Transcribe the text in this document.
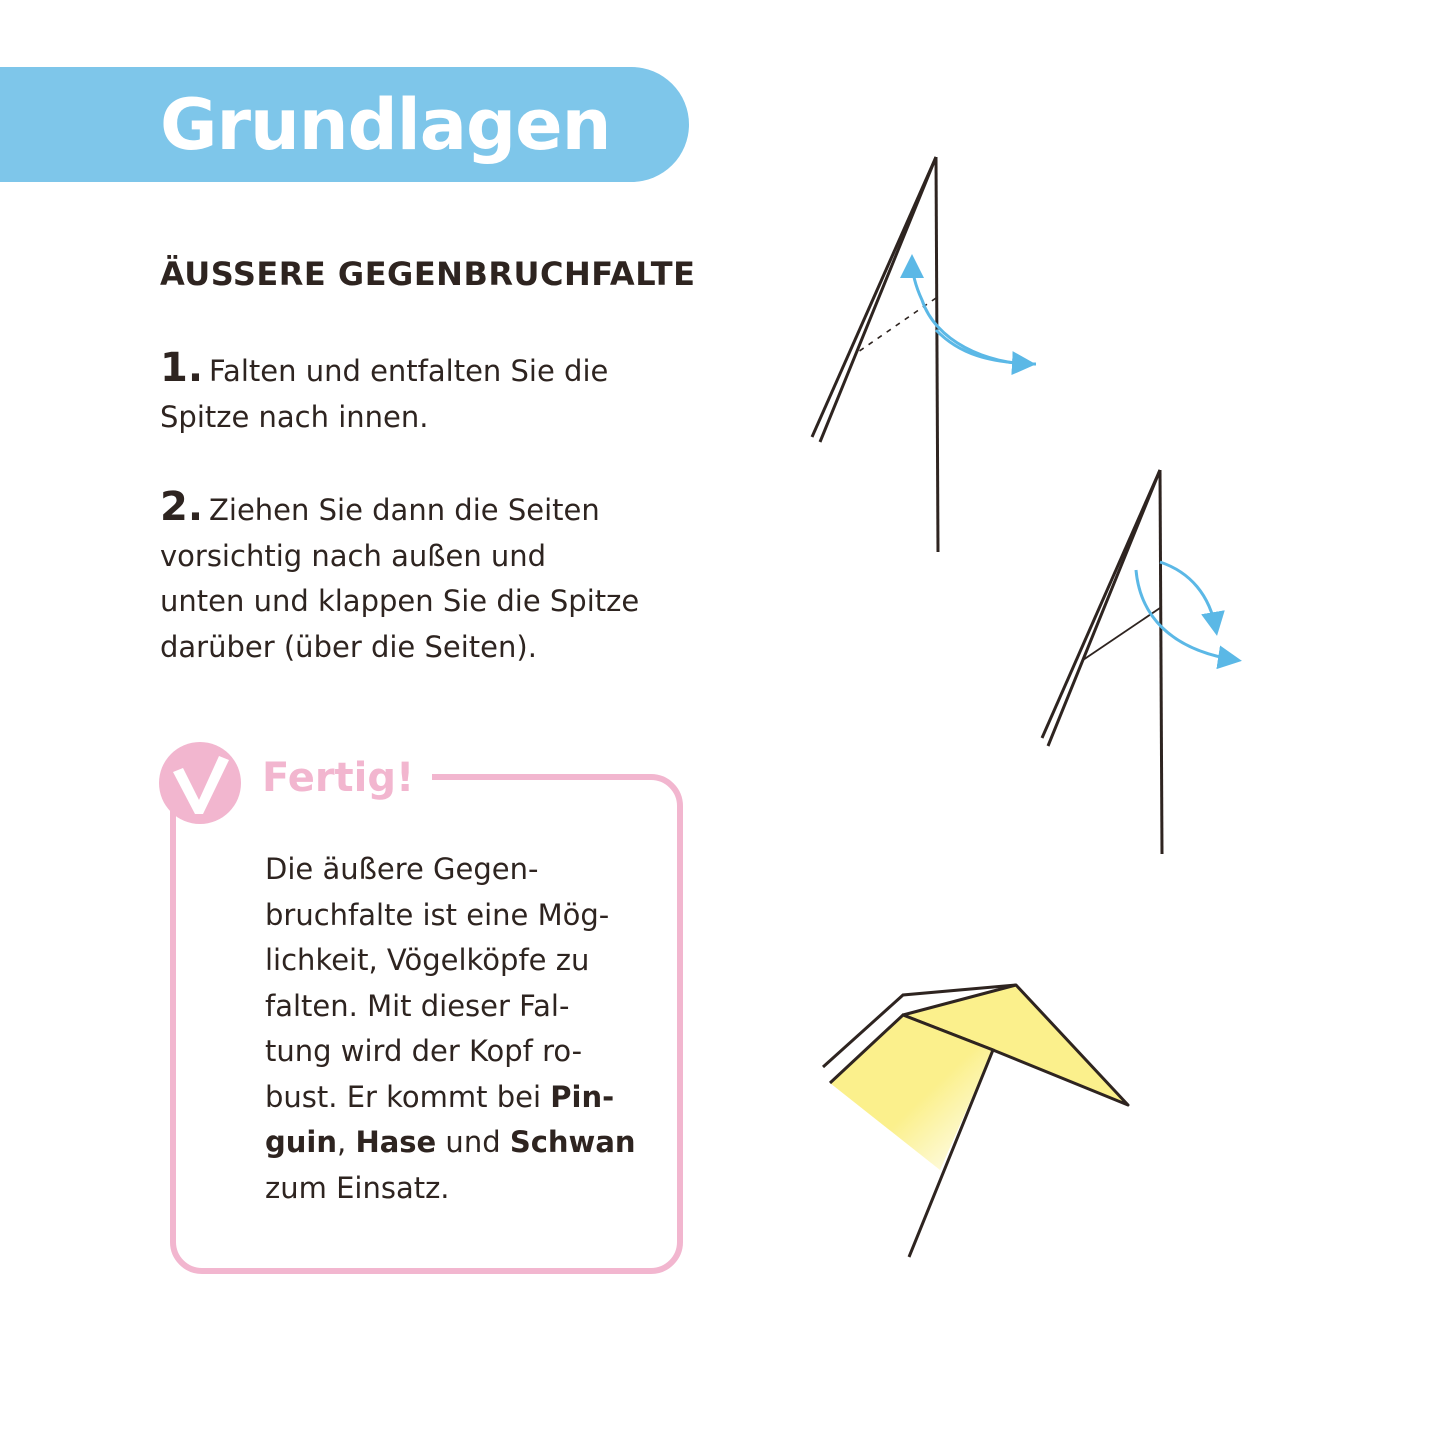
Grundlagen
ÄUSSERE GEGENBRUCHFALTE
1. Falten und entfalten Sie die
Spitze nach innen.
2. Ziehen Sie dann die Seiten
vorsichtig nach außen und
unten und klappen Sie die Spitze
darüber (über die Seiten).
Fertig!
Die äußere Gegen-
bruchfalte ist eine Mög-
lichkeit, Vögelköpfe zu
falten. Mit dieser Fal-
tung wird der Kopf ro-
bust. Er kommt bei Pin-
guin, Hase und Schwan
zum Einsatz.
